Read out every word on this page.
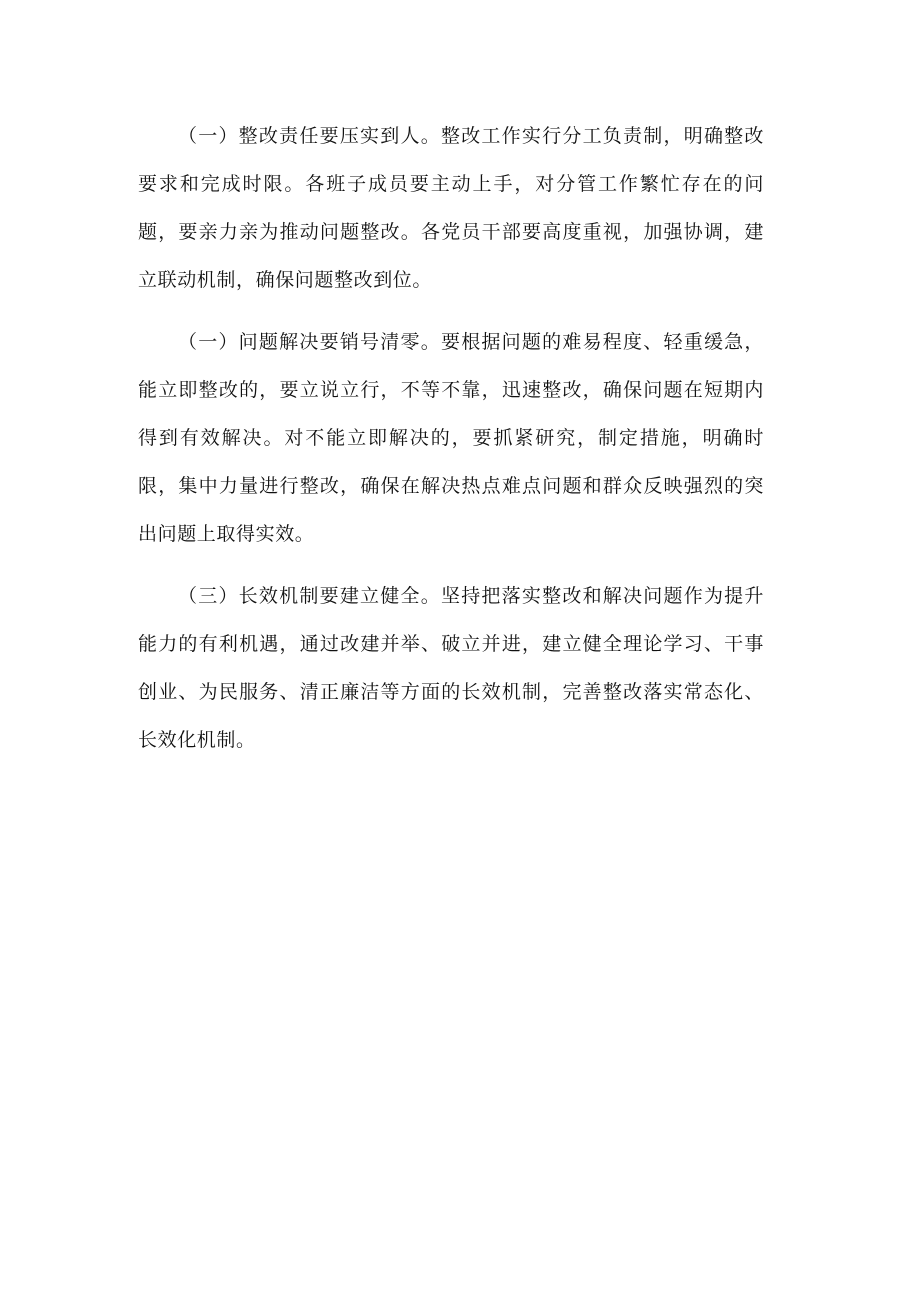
（一）整改责任要压实到人。整改工作实行分工负责制，明确整改要求和完成时限。各班子成员要主动上手，对分管工作繁忙存在的问题，要亲力亲为推动问题整改。各党员干部要高度重视，加强协调，建立联动机制，确保问题整改到位。

（一）问题解决要销号清零。要根据问题的难易程度、轻重缓急，能立即整改的，要立说立行，不等不靠，迅速整改，确保问题在短期内得到有效解决。对不能立即解决的，要抓紧研究，制定措施，明确时限，集中力量进行整改，确保在解决热点难点问题和群众反映强烈的突出问题上取得实效。

（三）长效机制要建立健全。坚持把落实整改和解决问题作为提升能力的有利机遇，通过改建并举、破立并进，建立健全理论学习、干事创业、为民服务、清正廉洁等方面的长效机制，完善整改落实常态化、长效化机制。
